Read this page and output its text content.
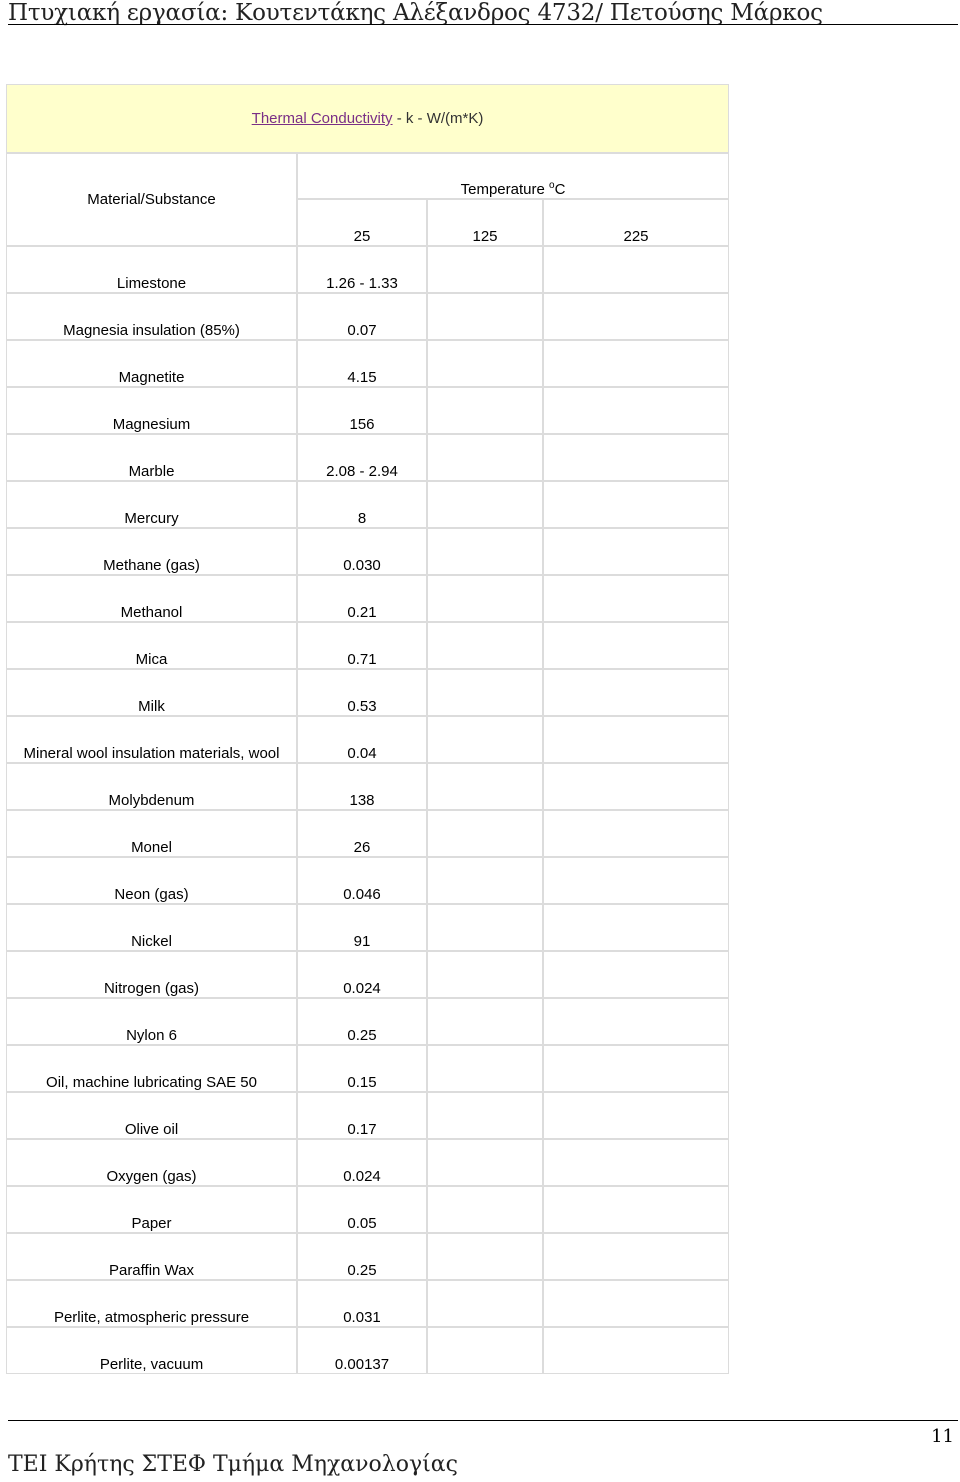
Πτυχιακή εργασία: Κουτεντάκης Αλέξανδρος 4732/ Πετούσης Μάρκος
Thermal Conductivity - k - W/(m*K)			
Material/Substance	Temperature $^o$C		
	25	125	225
Limestone	1.26 - 1.33		
Magnesia insulation (85%)	0.07		
Magnetite	4.15		
Magnesium	156		
Marble	2.08 - 2.94		
Mercury	8		
Methane (gas)	0.030		
Methanol	0.21		
Mica	0.71		
Milk	0.53		
Mineral wool insulation materials, wool	0.04		
Molybdenum	138		
Monel	26		
Neon (gas)	0.046		
Nickel	91		
Nitrogen (gas)	0.024		
Nylon 6	0.25		
Oil, machine lubricating SAE 50	0.15		
Olive oil	0.17		
Oxygen (gas)	0.024		
Paper	0.05		
Paraffin Wax	0.25		
Perlite, atmospheric pressure	0.031		
Perlite, vacuum	0.00137		
11
ΤΕΙ Κρήτης ΣΤΕΦ Τμήμα Μηχανολογίας
